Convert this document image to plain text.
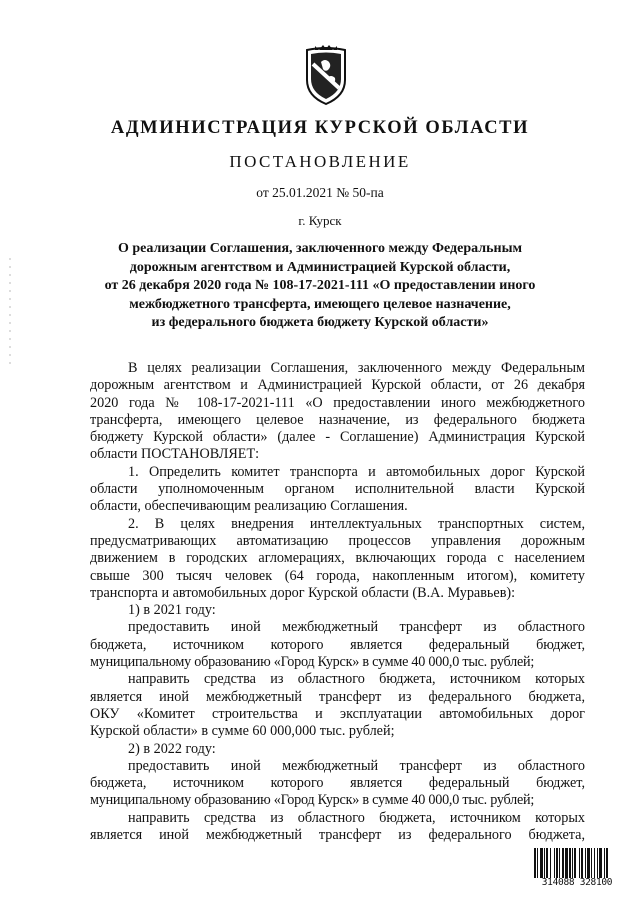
АДМИНИСТРАЦИЯ КУРСКОЙ ОБЛАСТИ
ПОСТАНОВЛЕНИЕ
от 25.01.2021 № 50-па
г. Курск
О реализации Соглашения, заключенного между Федеральным
дорожным агентством и Администрацией Курской области,
от 26 декабря 2020 года № 108-17-2021-111 «О предоставлении иного
межбюджетного трансферта, имеющего целевое назначение,
из федерального бюджета бюджету Курской области»
В целях реализации Соглашения, заключенного между Федеральным
дорожным агентством и Администрацией Курской области, от 26 декабря
2020 года № 108-17-2021-111 «О предоставлении иного межбюджетного
трансферта, имеющего целевое назначение, из федерального бюджета
бюджету Курской области» (далее - Соглашение) Администрация Курской
области ПОСТАНОВЛЯЕТ:
1. Определить комитет транспорта и автомобильных дорог Курской
области уполномоченным органом исполнительной власти Курской
области, обеспечивающим реализацию Соглашения.
2. В целях внедрения интеллектуальных транспортных систем,
предусматривающих автоматизацию процессов управления дорожным
движением в городских агломерациях, включающих города с населением
свыше 300 тысяч человек (64 города, накопленным итогом), комитету
транспорта и автомобильных дорог Курской области (В.А. Муравьев):
1) в 2021 году:
предоставить иной межбюджетный трансферт из областного
бюджета, источником которого является федеральный бюджет,
муниципальному образованию «Город Курск» в сумме 40 000,0 тыс. рублей;
направить средства из областного бюджета, источником которых
является иной межбюджетный трансферт из федерального бюджета,
ОКУ «Комитет строительства и эксплуатации автомобильных дорог
Курской области» в сумме 60 000,000 тыс. рублей;
2) в 2022 году:
предоставить иной межбюджетный трансферт из областного
бюджета, источником которого является федеральный бюджет,
муниципальному образованию «Город Курск» в сумме 40 000,0 тыс. рублей;
направить средства из областного бюджета, источником которых
является иной межбюджетный трансферт из федерального бюджета,
314088 328100
